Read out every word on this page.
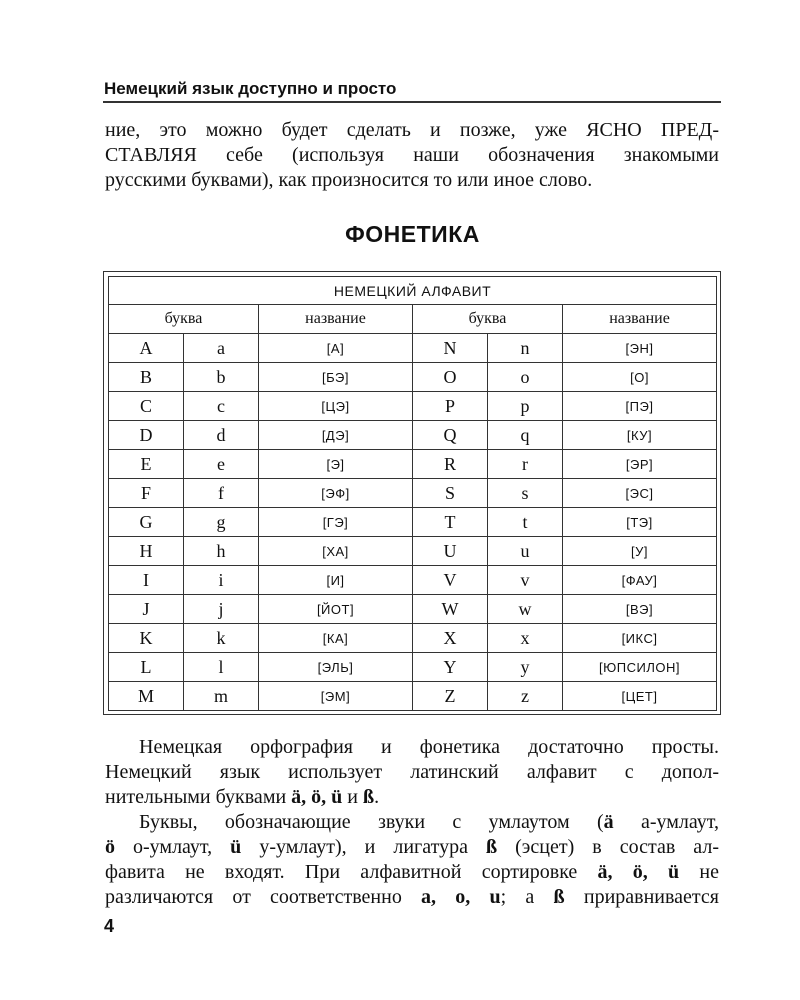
Немецкий язык доступно и просто
ние, это можно будет сделать и позже, уже ЯСНО ПРЕД-
СТАВЛЯЯ себе (используя наши обозначения знакомыми
русскими буквами), как произносится то или иное слово.
ФОНЕТИКА
НЕМЕЦКИЙ АЛФАВИТ					
буква		название	буква		название
A	a	[А]	N	n	[ЭН]
B	b	[БЭ]	O	o	[О]
C	c	[ЦЭ]	P	p	[ПЭ]
D	d	[ДЭ]	Q	q	[КУ]
E	e	[Э]	R	r	[ЭР]
F	f	[ЭФ]	S	s	[ЭС]
G	g	[ГЭ]	T	t	[ТЭ]
H	h	[ХА]	U	u	[У]
I	i	[И]	V	v	[ФАУ]
J	j	[ЙОТ]	W	w	[ВЭ]
K	k	[КА]	X	x	[ИКС]
L	l	[ЭЛЬ]	Y	y	[ЮПСИЛОН]
M	m	[ЭМ]	Z	z	[ЦЕТ]
Немецкая орфография и фонетика достаточно просты.
Немецкий язык использует латинский алфавит с допол-
нительными буквами ä, ö, ü и ß.
Буквы, обозначающие звуки с умлаутом (ä а-умлаут,
ö о-умлаут, ü у-умлаут), и лигатура ß (эсцет) в состав ал-
фавита не входят. При алфавитной сортировке ä, ö, ü не
различаются от соответственно a, o, u; а ß приравнивается
4
